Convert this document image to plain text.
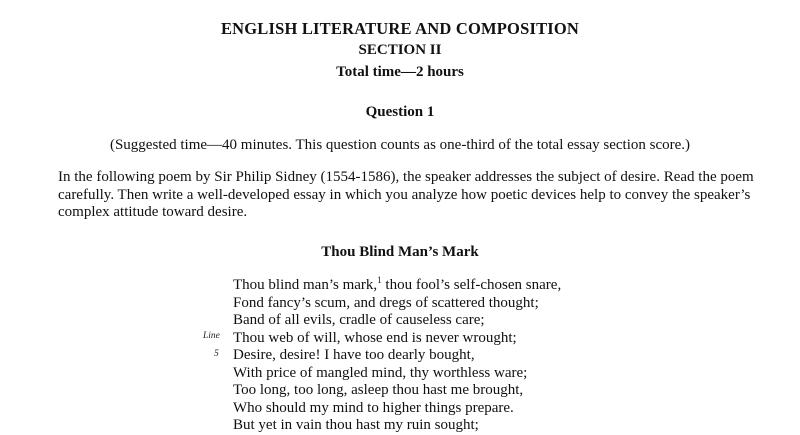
ENGLISH LITERATURE AND COMPOSITION
SECTION II
Total time—2 hours
Question 1
(Suggested time—40 minutes. This question counts as one-third of the total essay section score.)
In the following poem by Sir Philip Sidney (1554-1586), the speaker addresses the subject of desire. Read the poem
carefully. Then write a well-developed essay in which you analyze how poetic devices help to convey the speaker’s
complex attitude toward desire.
Thou Blind Man’s Mark
Thou blind man’s mark,$^1$ thou fool’s self-chosen snare,
Fond fancy’s scum, and dregs of scattered thought;
Band of all evils, cradle of causeless care;
Thou web of will, whose end is never wrought;
Desire, desire! I have too dearly bought,
With price of mangled mind, thy worthless ware;
Too long, too long, asleep thou hast me brought,
Who should my mind to higher things prepare.
But yet in vain thou hast my ruin sought;
Line
5
